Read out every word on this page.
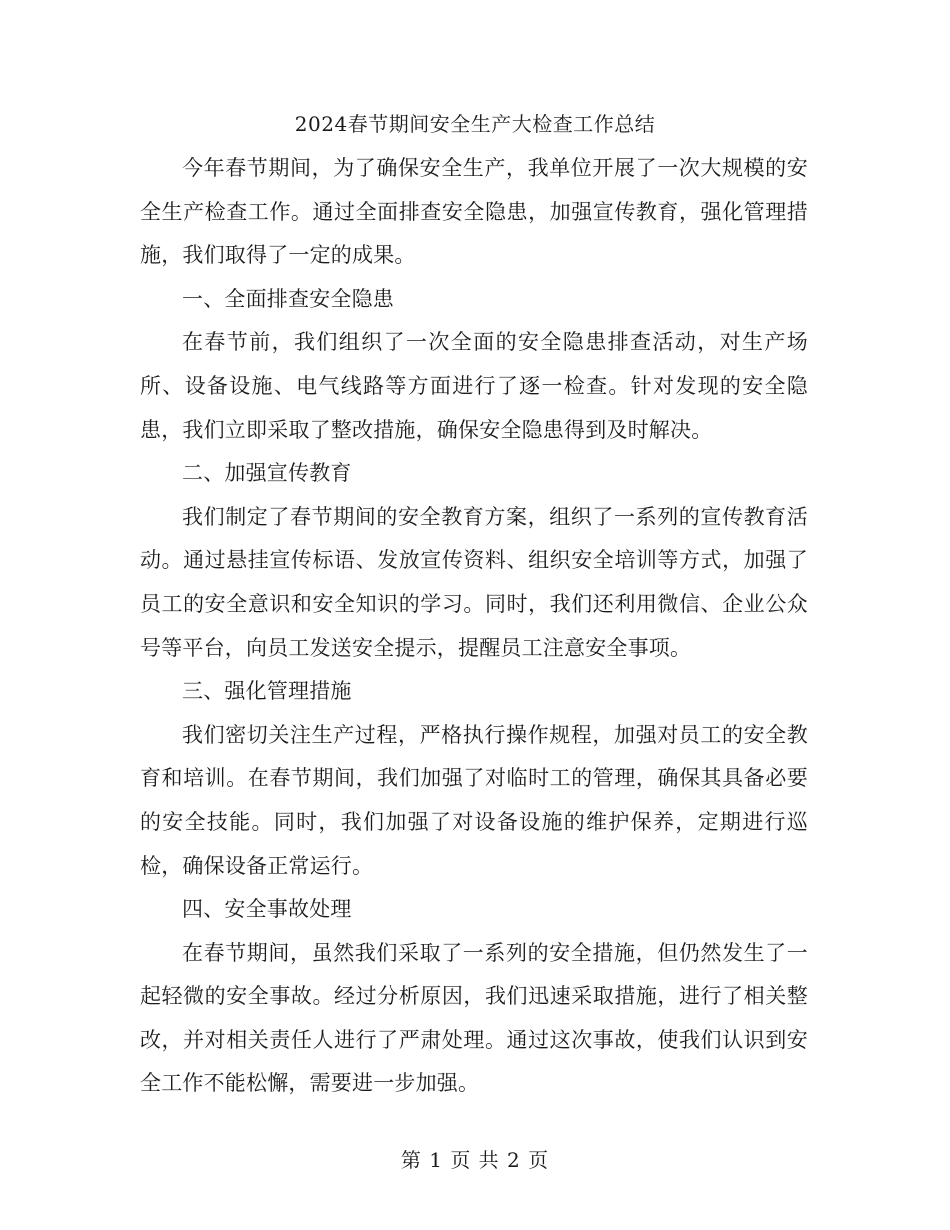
2024春节期间安全生产大检查工作总结

今年春节期间，为了确保安全生产，我单位开展了一次大规模的安全生产检查工作。通过全面排查安全隐患，加强宣传教育，强化管理措施，我们取得了一定的成果。

一、全面排查安全隐患

在春节前，我们组织了一次全面的安全隐患排查活动，对生产场所、设备设施、电气线路等方面进行了逐一检查。针对发现的安全隐患，我们立即采取了整改措施，确保安全隐患得到及时解决。

二、加强宣传教育

我们制定了春节期间的安全教育方案，组织了一系列的宣传教育活动。通过悬挂宣传标语、发放宣传资料、组织安全培训等方式，加强了员工的安全意识和安全知识的学习。同时，我们还利用微信、企业公众号等平台，向员工发送安全提示，提醒员工注意安全事项。

三、强化管理措施

我们密切关注生产过程，严格执行操作规程，加强对员工的安全教育和培训。在春节期间，我们加强了对临时工的管理，确保其具备必要的安全技能。同时，我们加强了对设备设施的维护保养，定期进行巡检，确保设备正常运行。

四、安全事故处理

在春节期间，虽然我们采取了一系列的安全措施，但仍然发生了一起轻微的安全事故。经过分析原因，我们迅速采取措施，进行了相关整改，并对相关责任人进行了严肃处理。通过这次事故，使我们认识到安全工作不能松懈，需要进一步加强。

第 1 页 共 2 页
